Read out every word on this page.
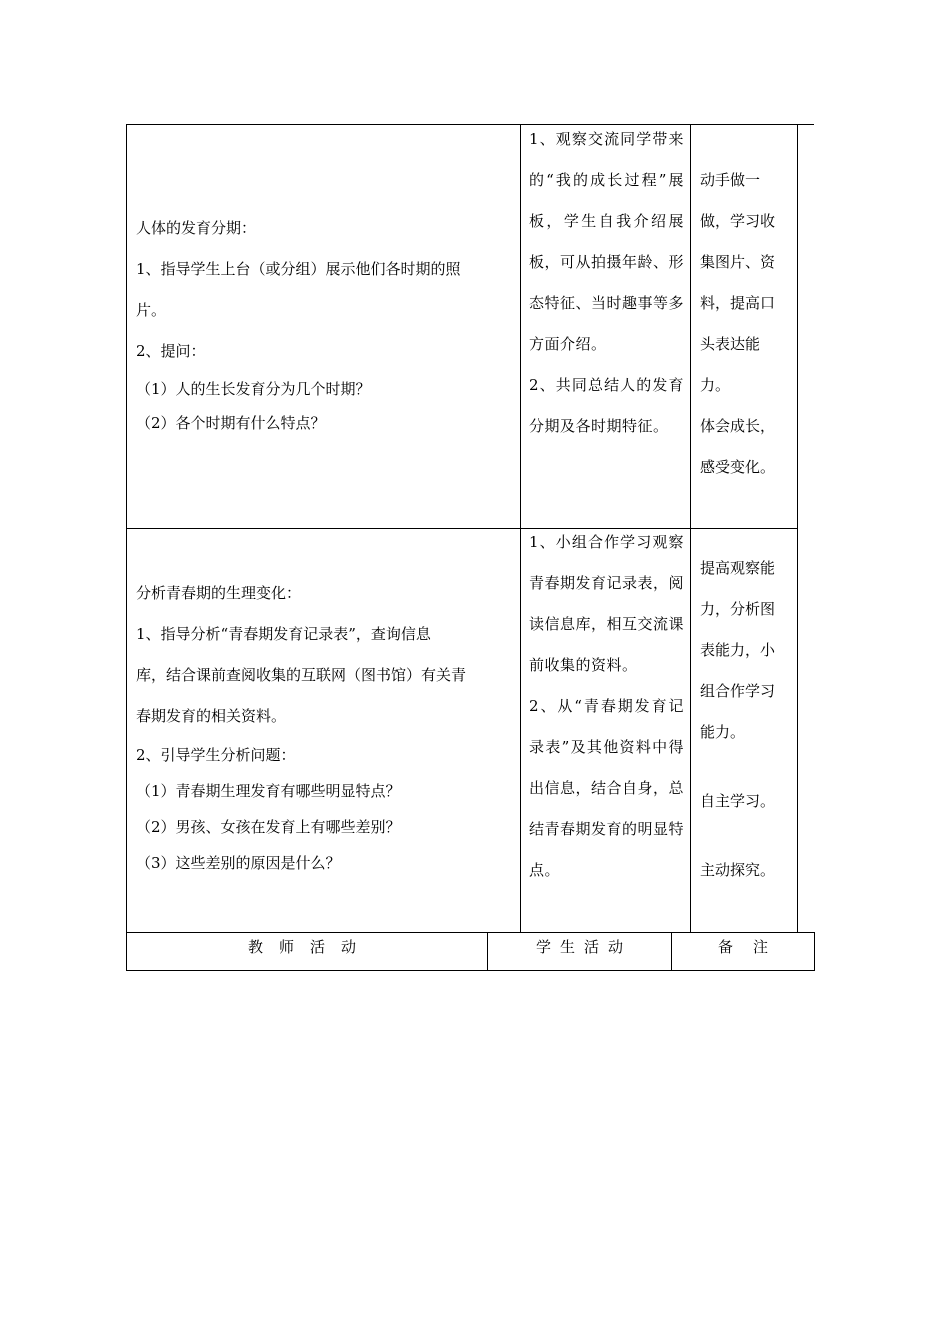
人体的发育分期：

1、指导学生上台（或分组）展示他们各时期的照

片。

2、提问：

（1）人的生长发育分为几个时期？

（2）各个时期有什么特点？

1、观察交流同学带来的“我的成长过程”展板，学生自我介绍展板，可从拍摄年龄、形态特征、当时趣事等多方面介绍。

2、共同总结人的发育分期及各时期特征。

动手做一

做，学习收

集图片、资

料，提高口

头表达能

力。

体会成长，

感受变化。

分析青春期的生理变化：

1、指导分析“青春期发育记录表”，查询信息

库，结合课前查阅收集的互联网（图书馆）有关青

春期发育的相关资料。

2、引导学生分析问题：

（1）青春期生理发育有哪些明显特点？

（2）男孩、女孩在发育上有哪些差别？

（3）这些差别的原因是什么？

1、小组合作学习观察青春期发育记录表，阅读信息库，相互交流课前收集的资料。

2、从“青春期发育记录表”及其他资料中得出信息，结合自身，总结青春期发育的明显特点。

提高观察能

力，分析图

表能力，小

组合作学习

能力。

自主学习。

主动探究。

教师活动	学生活动	备注
